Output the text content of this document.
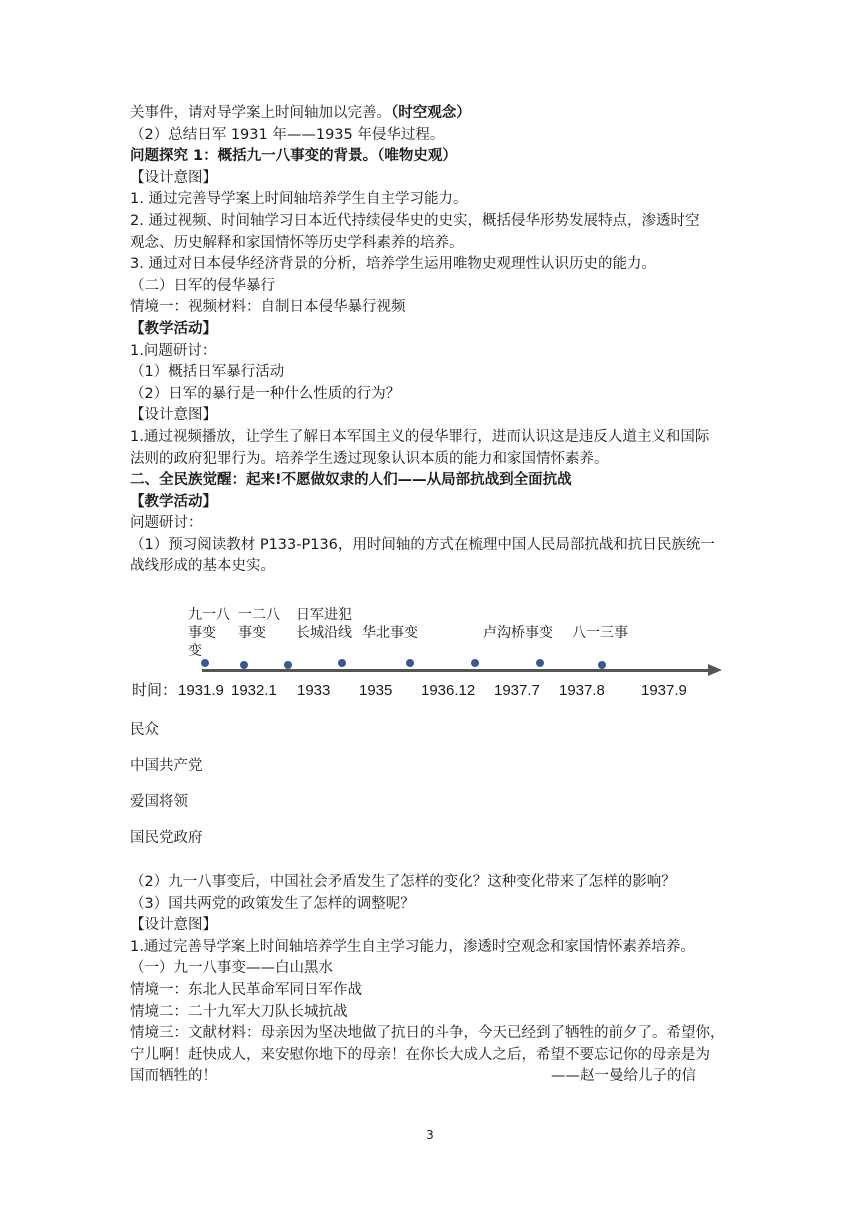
关事件，请对导学案上时间轴加以完善。（时空观念）
（2）总结日军 1931 年——1935 年侵华过程。
问题探究 1：概括九一八事变的背景。（唯物史观）
【设计意图】
1. 通过完善导学案上时间轴培养学生自主学习能力。
2. 通过视频、时间轴学习日本近代持续侵华史的史实，概括侵华形势发展特点，渗透时空
观念、历史解释和家国情怀等历史学科素养的培养。
3. 通过对日本侵华经济背景的分析，培养学生运用唯物史观理性认识历史的能力。
（二）日军的侵华暴行
情境一：视频材料：自制日本侵华暴行视频
【教学活动】
1.问题研讨：
（1）概括日军暴行活动
（2）日军的暴行是一种什么性质的行为？
【设计意图】
1.通过视频播放，让学生了解日本军国主义的侵华罪行，进而认识这是违反人道主义和国际
法则的政府犯罪行为。培养学生透过现象认识本质的能力和家国情怀素养。
二、全民族觉醒：起来!不愿做奴隶的人们——从局部抗战到全面抗战
【教学活动】
问题研讨：
（1）预习阅读教材 P133-P136，用时间轴的方式在梳理中国人民局部抗战和抗日民族统一
战线形成的基本史实。
九一八
事变
变
一二八
事变
日军进犯
长城沿线 华北事变	卢沟桥事变 八一三事
时间： 1931.9 1932.1 1933 1935 1936.12 1937.7 1937.8 1937.9
民众
中国共产党
爱国将领
国民党政府
（2）九一八事变后，中国社会矛盾发生了怎样的变化？这种变化带来了怎样的影响？
（3）国共两党的政策发生了怎样的调整呢？
【设计意图】
1.通过完善导学案上时间轴培养学生自主学习能力，渗透时空观念和家国情怀素养培养。
（一）九一八事变——白山黑水
情境一：东北人民革命军同日军作战
情境二：二十九军大刀队长城抗战
情境三：文献材料：母亲因为坚决地做了抗日的斗争，今天已经到了牺牲的前夕了。希望你，
宁儿啊！赶快成人，来安慰你地下的母亲！在你长大成人之后，希望不要忘记你的母亲是为
国而牺牲的！	——赵一曼给儿子的信
3
